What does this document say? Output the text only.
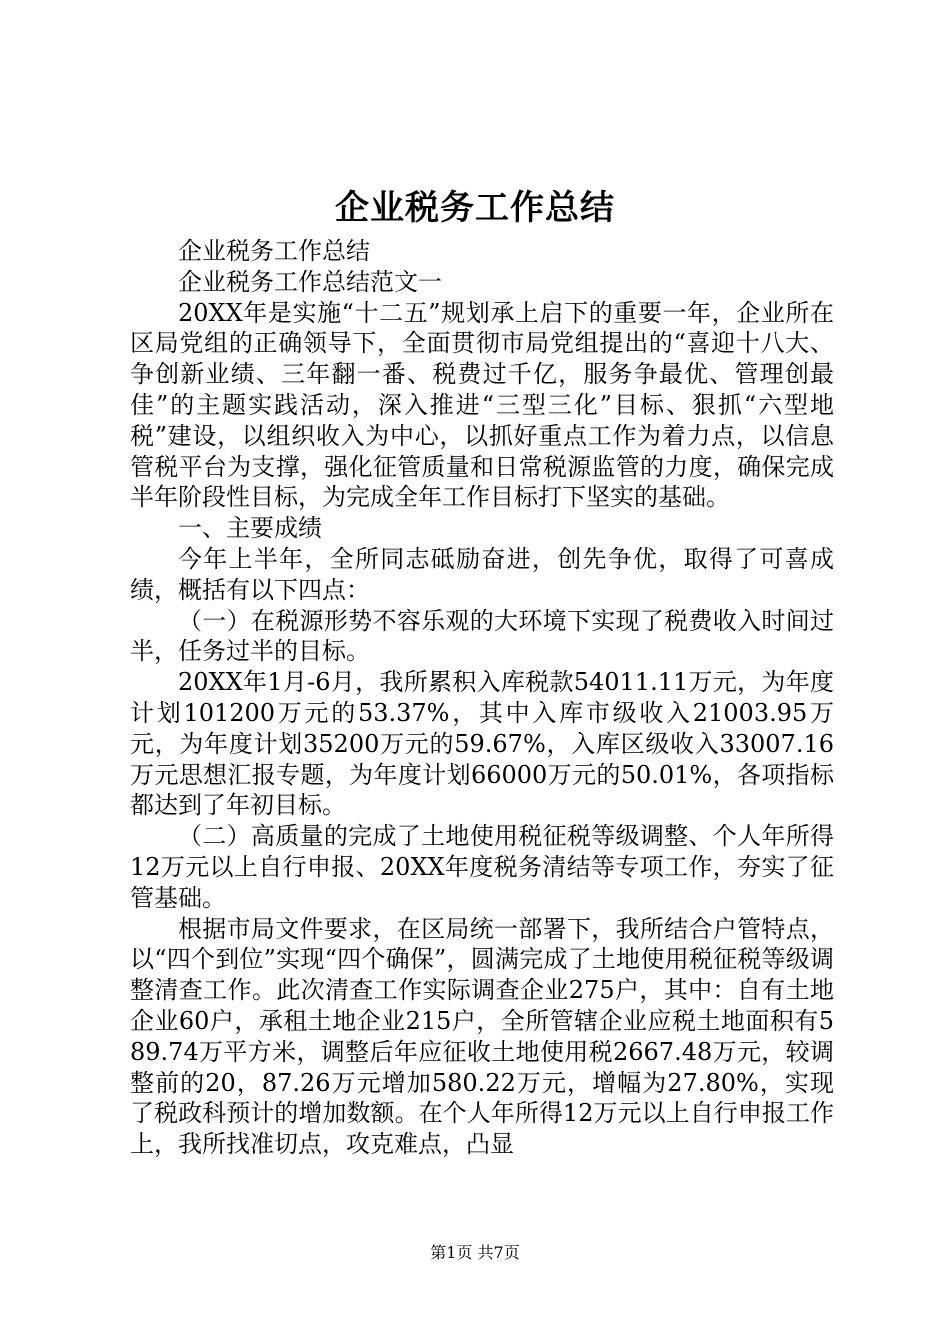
企业税务工作总结

企业税务工作总结

企业税务工作总结范文一

20XX年是实施“十二五”规划承上启下的重要一年，企业所在区局党组的正确领导下，全面贯彻市局党组提出的“喜迎十八大、争创新业绩、三年翻一番、税费过千亿，服务争最优、管理创最佳”的主题实践活动，深入推进“三型三化”目标、狠抓“六型地税”建设，以组织收入为中心，以抓好重点工作为着力点，以信息管税平台为支撑，强化征管质量和日常税源监管的力度，确保完成半年阶段性目标，为完成全年工作目标打下坚实的基础。

一、主要成绩

今年上半年，全所同志砥励奋进，创先争优，取得了可喜成绩，概括有以下四点：

（一）在税源形势不容乐观的大环境下实现了税费收入时间过半，任务过半的目标。

20XX年1月-6月，我所累积入库税款54011.11万元，为年度计划101200万元的53.37%，其中入库市级收入21003.95万元，为年度计划35200万元的59.67%，入库区级收入33007.16万元思想汇报专题，为年度计划66000万元的50.01%，各项指标都达到了年初目标。

（二）高质量的完成了土地使用税征税等级调整、个人年所得12万元以上自行申报、20XX年度税务清结等专项工作，夯实了征管基础。

根据市局文件要求，在区局统一部署下，我所结合户管特点，以“四个到位”实现“四个确保”，圆满完成了土地使用税征税等级调整清查工作。此次清查工作实际调查企业275户，其中：自有土地企业60户，承租土地企业215户，全所管辖企业应税土地面积有589.74万平方米，调整后年应征收土地使用税2667.48万元，较调整前的20，87.26万元增加580.22万元，增幅为27.80%，实现了税政科预计的增加数额。在个人年所得12万元以上自行申报工作上，我所找准切点，攻克难点，凸显

第1页 共7页
